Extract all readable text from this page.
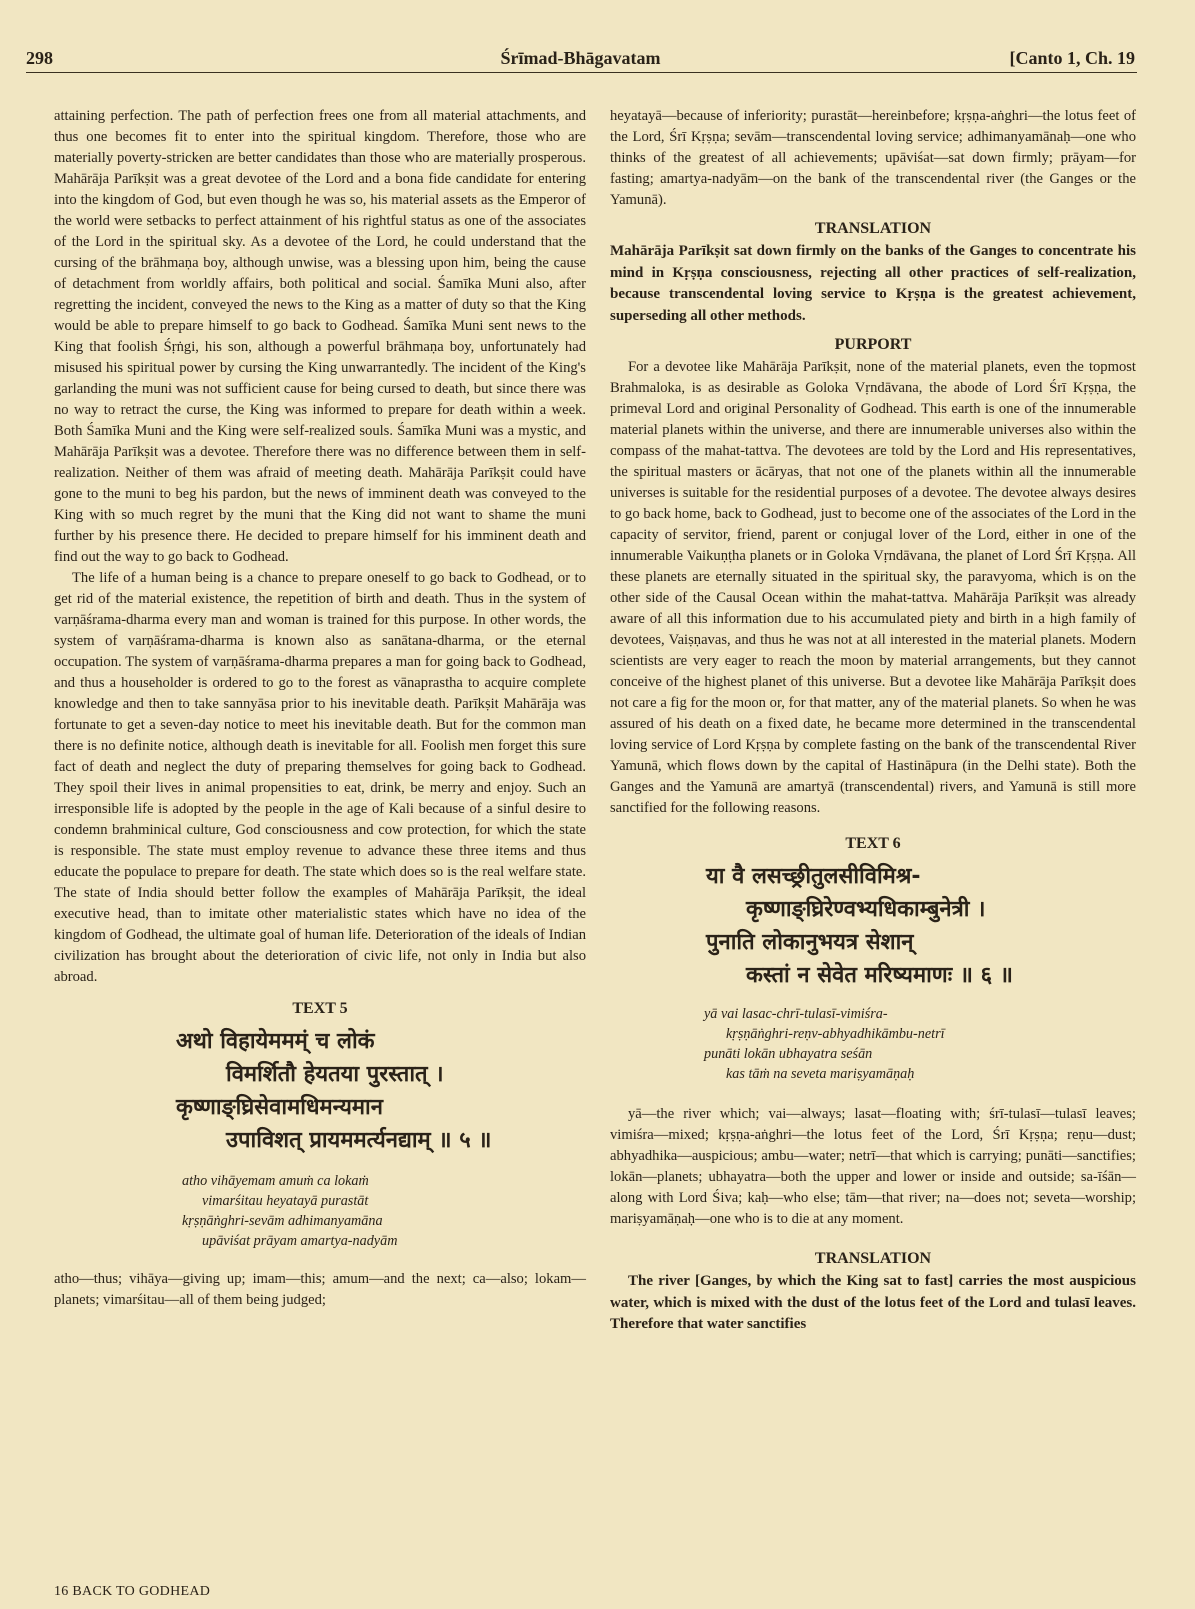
298	Śrīmad-Bhāgavatam	[Canto 1, Ch. 19

attaining perfection. The path of perfection frees one from all material attachments, and thus one becomes fit to enter into the spiritual kingdom. Therefore, those who are materially poverty-stricken are better candidates than those who are materially prosperous. Mahārāja Parīkṣit was a great devotee of the Lord and a bona fide candidate for entering into the kingdom of God, but even though he was so, his material assets as the Emperor of the world were setbacks to perfect attainment of his rightful status as one of the associates of the Lord in the spiritual sky. As a devotee of the Lord, he could understand that the cursing of the brāhmaṇa boy, although unwise, was a blessing upon him, being the cause of detachment from worldly affairs, both political and social. Śamīka Muni also, after regretting the incident, conveyed the news to the King as a matter of duty so that the King would be able to prepare himself to go back to Godhead. Śamīka Muni sent news to the King that foolish Śṛṅgi, his son, although a powerful brāhmaṇa boy, unfortunately had misused his spiritual power by cursing the King unwarrantedly. The incident of the King's garlanding the muni was not sufficient cause for being cursed to death, but since there was no way to retract the curse, the King was informed to prepare for death within a week. Both Śamīka Muni and the King were self-realized souls. Śamīka Muni was a mystic, and Mahārāja Parīkṣit was a devotee. Therefore there was no difference between them in self-realization. Neither of them was afraid of meeting death. Mahārāja Parīkṣit could have gone to the muni to beg his pardon, but the news of imminent death was conveyed to the King with so much regret by the muni that the King did not want to shame the muni further by his presence there. He decided to prepare himself for his imminent death and find out the way to go back to Godhead.

The life of a human being is a chance to prepare oneself to go back to Godhead, or to get rid of the material existence, the repetition of birth and death. Thus in the system of varṇāśrama-dharma every man and woman is trained for this purpose. In other words, the system of varṇāśrama-dharma is known also as sanātana-dharma, or the eternal occupation. The system of varṇāśrama-dharma prepares a man for going back to Godhead, and thus a householder is ordered to go to the forest as vānaprastha to acquire complete knowledge and then to take sannyāsa prior to his inevitable death. Parīkṣit Mahārāja was fortunate to get a seven-day notice to meet his inevitable death. But for the common man there is no definite notice, although death is inevitable for all. Foolish men forget this sure fact of death and neglect the duty of preparing themselves for going back to Godhead. They spoil their lives in animal propensities to eat, drink, be merry and enjoy. Such an irresponsible life is adopted by the people in the age of Kali because of a sinful desire to condemn brahminical culture, God consciousness and cow protection, for which the state is responsible. The state must employ revenue to advance these three items and thus educate the populace to prepare for death. The state which does so is the real welfare state. The state of India should better follow the examples of Mahārāja Parīkṣit, the ideal executive head, than to imitate other materialistic states which have no idea of the kingdom of Godhead, the ultimate goal of human life. Deterioration of the ideals of Indian civilization has brought about the deterioration of civic life, not only in India but also abroad.

TEXT 5
अथो विहायेममम्ं च लोकं
विमर्शितौ हेयतया पुरस्तात् ।
कृष्णाङ्घ्रिसेवामधिमन्यमान
उपाविशत् प्रायममर्त्यनद्याम् ॥ ५ ॥
atho vihāyemam amuṁ ca lokaṁ
vimarśitau heyatayā purastāt
kṛṣṇāṅghri-sevām adhimanyamāna
upāviśat prāyam amartya-nadyām

atho—thus; vihāya—giving up; imam—this; amum—and the next; ca—also; lokam—planets; vimarśitau—all of them being judged;

heyatayā—because of inferiority; purastāt—hereinbefore; kṛṣṇa-aṅghri—the lotus feet of the Lord, Śrī Kṛṣṇa; sevām—transcendental loving service; adhimanyamānaḥ—one who thinks of the greatest of all achievements; upāviśat—sat down firmly; prāyam—for fasting; amartya-nadyām—on the bank of the transcendental river (the Ganges or the Yamunā).

TRANSLATION

Mahārāja Parīkṣit sat down firmly on the banks of the Ganges to concentrate his mind in Kṛṣṇa consciousness, rejecting all other practices of self-realization, because transcendental loving service to Kṛṣṇa is the greatest achievement, superseding all other methods.

PURPORT

For a devotee like Mahārāja Parīkṣit, none of the material planets, even the topmost Brahmaloka, is as desirable as Goloka Vṛndāvana, the abode of Lord Śrī Kṛṣṇa, the primeval Lord and original Personality of Godhead. This earth is one of the innumerable material planets within the universe, and there are innumerable universes also within the compass of the mahat-tattva. The devotees are told by the Lord and His representatives, the spiritual masters or ācāryas, that not one of the planets within all the innumerable universes is suitable for the residential purposes of a devotee. The devotee always desires to go back home, back to Godhead, just to become one of the associates of the Lord in the capacity of servitor, friend, parent or conjugal lover of the Lord, either in one of the innumerable Vaikuṇṭha planets or in Goloka Vṛndāvana, the planet of Lord Śrī Kṛṣṇa. All these planets are eternally situated in the spiritual sky, the paravyoma, which is on the other side of the Causal Ocean within the mahat-tattva. Mahārāja Parīkṣit was already aware of all this information due to his accumulated piety and birth in a high family of devotees, Vaiṣṇavas, and thus he was not at all interested in the material planets. Modern scientists are very eager to reach the moon by material arrangements, but they cannot conceive of the highest planet of this universe. But a devotee like Mahārāja Parīkṣit does not care a fig for the moon or, for that matter, any of the material planets. So when he was assured of his death on a fixed date, he became more determined in the transcendental loving service of Lord Kṛṣṇa by complete fasting on the bank of the transcendental River Yamunā, which flows down by the capital of Hastināpura (in the Delhi state). Both the Ganges and the Yamunā are amartyā (transcendental) rivers, and Yamunā is still more sanctified for the following reasons.

TEXT 6
या वै लसच्छ्रीतुलसीविमिश्र-
कृष्णाङ्घ्रिरेण्वभ्यधिकाम्बुनेत्री ।
पुनाति लोकानुभयत्र सेशान्
कस्तां न सेवेत मरिष्यमाणः ॥ ६ ॥
yā vai lasac-chrī-tulasī-vimiśra-
kṛṣṇāṅghri-reṇv-abhyadhikāmbu-netrī
punāti lokān ubhayatra seśān
kas tāṁ na seveta mariṣyamāṇaḥ

yā—the river which; vai—always; lasat—floating with; śrī-tulasī—tulasī leaves; vimiśra—mixed; kṛṣṇa-aṅghri—the lotus feet of the Lord, Śrī Kṛṣṇa; reṇu—dust; abhyadhika—auspicious; ambu—water; netrī—that which is carrying; punāti—sanctifies; lokān—planets; ubhayatra—both the upper and lower or inside and outside; sa-īśān—along with Lord Śiva; kaḥ—who else; tām—that river; na—does not; seveta—worship; mariṣyamāṇaḥ—one who is to die at any moment.

TRANSLATION

The river [Ganges, by which the King sat to fast] carries the most auspicious water, which is mixed with the dust of the lotus feet of the Lord and tulasī leaves. Therefore that water sanctifies

16 BACK TO GODHEAD
